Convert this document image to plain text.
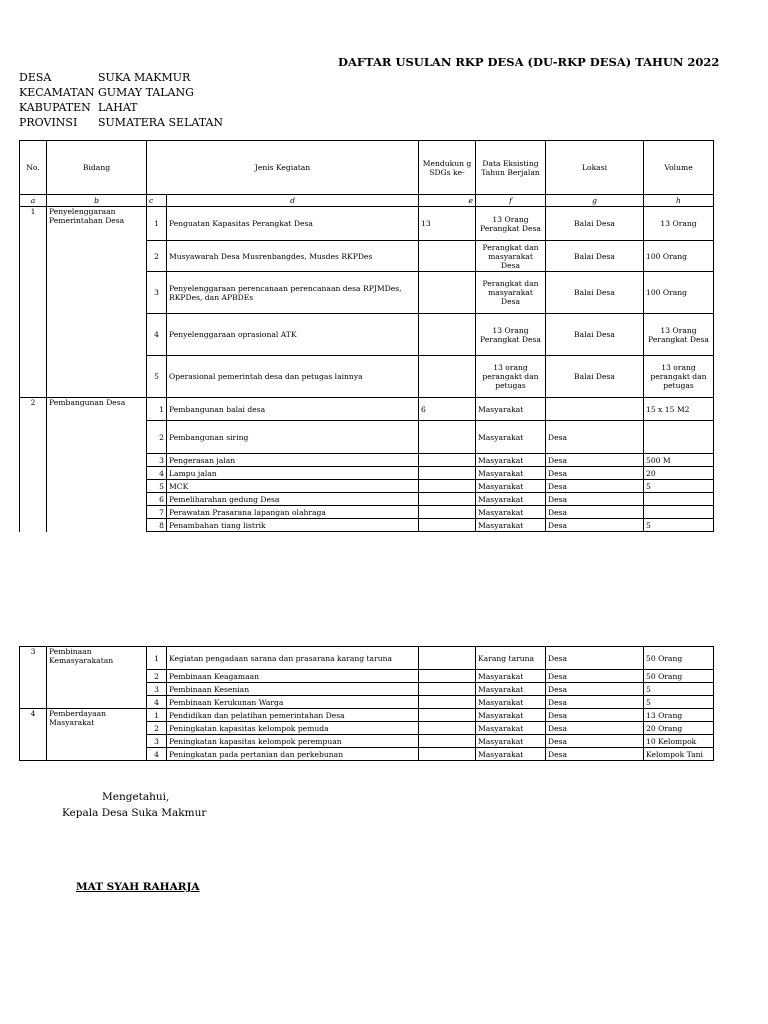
DAFTAR USULAN RKP DESA (DU-RKP DESA) TAHUN 2022
DESA	SUKA MAKMUR
KECAMATAN GUMAY TALANG
KABUPATEN LAHAT
PROVINSI	SUMATERA SELATAN
No.	Bidang	Jenis Kegiatan		Mendukun g SDGs ke-	Data Eksisting Tahun Berjalan	Lokasi	Volume
a	b	c	d	e	f	g	h
1	Penyelenggaraan Pemerintahan Desa	1	Penguatan Kapasitas Perangkat Desa	13	13 Orang Perangkat Desa	Balai Desa	13 Orang
		2	Musyawarah Desa Musrenbangdes, Musdes RKPDes		Perangkat dan masyarakat Desa	Balai Desa	100 Orang
		3	Penyelenggaraan perencanaan perencanaan desa RPJMDes, RKPDes, dan APBDEs		Perangkat dan masyarakat Desa	Balai Desa	100 Orang
		4	Penyelenggaraan oprasional ATK		13 Orang Perangkat Desa	Balai Desa	13 Orang Perangkat Desa
		5	Operasional pemerintah desa dan petugas lainnya		13 orang perangakt dan petugas	Balai Desa	13 orang perangakt dan petugas
2	Pembangunan Desa	1	Pembangunan balai desa	6	Masyarakat		15 x 15 M2
		2	Pembangunan siring		Masyarakat	Desa	
		3	Pengerasan jalan		Masyarakat	Desa	500 M
		4	Lampu jalan		Masyarakat	Desa	20
		5	MCK		Masyarakat	Desa	5
		6	Pemeliharahan gedung Desa		Masyarakat	Desa	
		7	Perawatan Prasarana lapangan olahraga		Masyarakat	Desa	
		8	Penambahan tiang listrik		Masyarakat	Desa	5
3	Pembinaan Kemasyarakatan	1	Kegiatan pengadaan sarana dan prasarana karang taruna		Karang taruna	Desa	50 Orang
		2	Pembinaan Keagamaan		Masyarakat	Desa	50 Orang
		3	Pembinaan Kesenian		Masyarakat	Desa	5
		4	Pembinaan Kerukunan Warga		Masyarakat	Desa	5
4	Pemberdayaan Masyarakat	1	Pendidikan dan pelatihan pemerintahan Desa		Masyarakat	Desa	13 Orang
		2	Peningkatan kapasitas kelompok pemuda		Masyarakat	Desa	20 Orang
		3	Peningkatan kapasitas kelompok perempuan		Masyarakat	Desa	10 Kelompok
		4	Peningkatan pada pertanian dan perkebunan		Masyarakat	Desa	Kelompok Tani
Mengetahui,
Kepala Desa Suka Makmur
MAT SYAH RAHARJA
